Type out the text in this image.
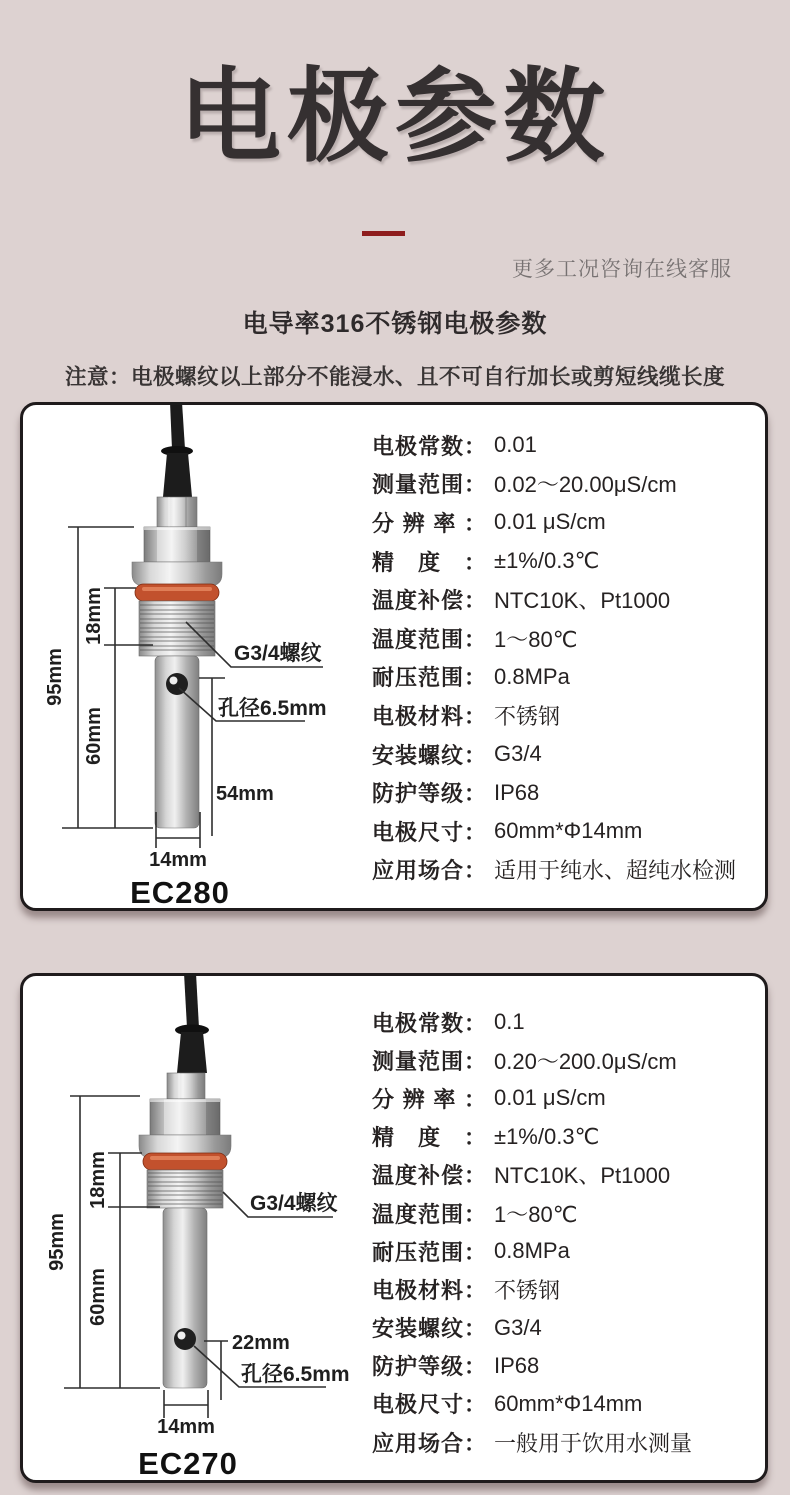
电极参数
更多工况咨询在线客服
电导率316不锈钢电极参数
注意：电极螺纹以上部分不能浸水、且不可自行加长或剪短线缆长度
95mm
18mm
60mm
54mm
14mm
G3/4螺纹
孔径6.5mm
EC280
电极常数： 0.01
测量范围： 0.02～20.00μS/cm
分辨率： 0.01 μS/cm
精度： ±1%/0.3℃
温度补偿： NTC10K、Pt1000
温度范围： 1～80℃
耐压范围： 0.8MPa
电极材料： 不锈钢
安装螺纹： G3/4
防护等级： IP68
电极尺寸： 60mm*Φ14mm
应用场合： 适用于纯水、超纯水检测
95mm
18mm
60mm
22mm
14mm
G3/4螺纹
孔径6.5mm
EC270
电极常数： 0.1
测量范围： 0.20～200.0μS/cm
分辨率： 0.01 μS/cm
精度： ±1%/0.3℃
温度补偿： NTC10K、Pt1000
温度范围： 1～80℃
耐压范围： 0.8MPa
电极材料： 不锈钢
安装螺纹： G3/4
防护等级： IP68
电极尺寸： 60mm*Φ14mm
应用场合： 一般用于饮用水测量
